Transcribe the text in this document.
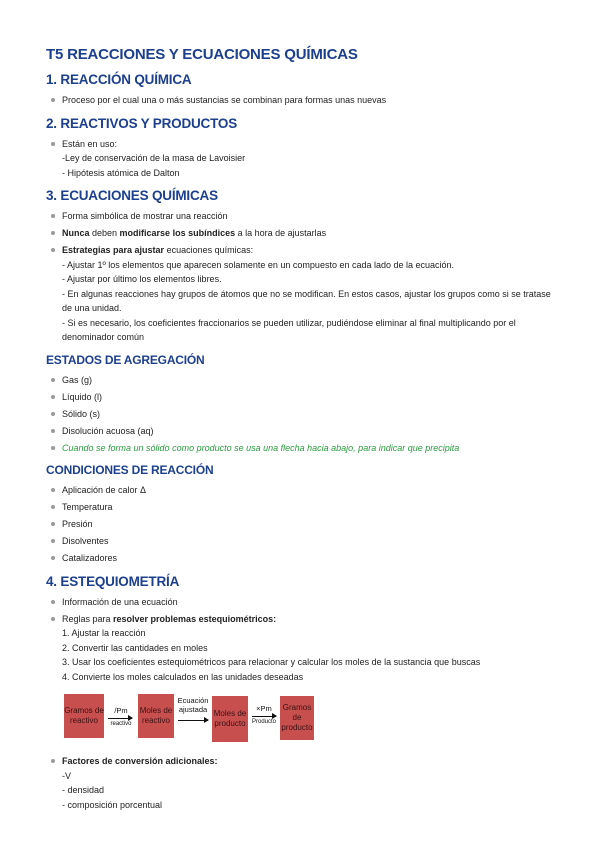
T5 REACCIONES Y ECUACIONES QUÍMICAS
1. REACCIÓN QUÍMICA
Proceso por el cual una o más sustancias se combinan para formas unas nuevas
2. REACTIVOS Y PRODUCTOS
Están en uso:
-Ley de conservación de la masa de Lavoisier
- Hipótesis atómica de Dalton
3. ECUACIONES QUÍMICAS
Forma simbólica de mostrar una reacción
Nunca deben modificarse los subíndices a la hora de ajustarlas
Estrategias para ajustar ecuaciones químicas:
- Ajustar 1º los elementos que aparecen solamente en un compuesto en cada lado de la ecuación.
- Ajustar por último los elementos libres.
- En algunas reacciones hay grupos de átomos que no se modifican. En estos casos, ajustar los grupos como si se tratase de una unidad.
- Si es necesario, los coeficientes fraccionarios se pueden utilizar, pudiéndose eliminar al final multiplicando por el denominador común
ESTADOS DE AGREGACIÓN
Gas (g)
Líquido (l)
Sólido (s)
Disolución acuosa (aq)
Cuando se forma un sólido como producto se usa una flecha hacia abajo, para indicar que precipita
CONDICIONES DE REACCIÓN
Aplicación de calor Δ
Temperatura
Presión
Disolventes
Catalizadores
4. ESTEQUIOMETRÍA
Información de una ecuación
Reglas para resolver problemas estequiométricos:
1. Ajustar la reacción
2. Convertir las cantidades en moles
3. Usar los coeficientes estequiométricos para relacionar y calcular los moles de la sustancia que buscas
4. Convierte los moles calculados en las unidades deseadas
Gramos de reactivo
/Pm
reactivo
Moles de reactivo
Ecuación ajustada Moles de producto
×Pm
Producto
Gramos de producto
Factores de conversión adicionales:
-V
- densidad
- composición porcentual
